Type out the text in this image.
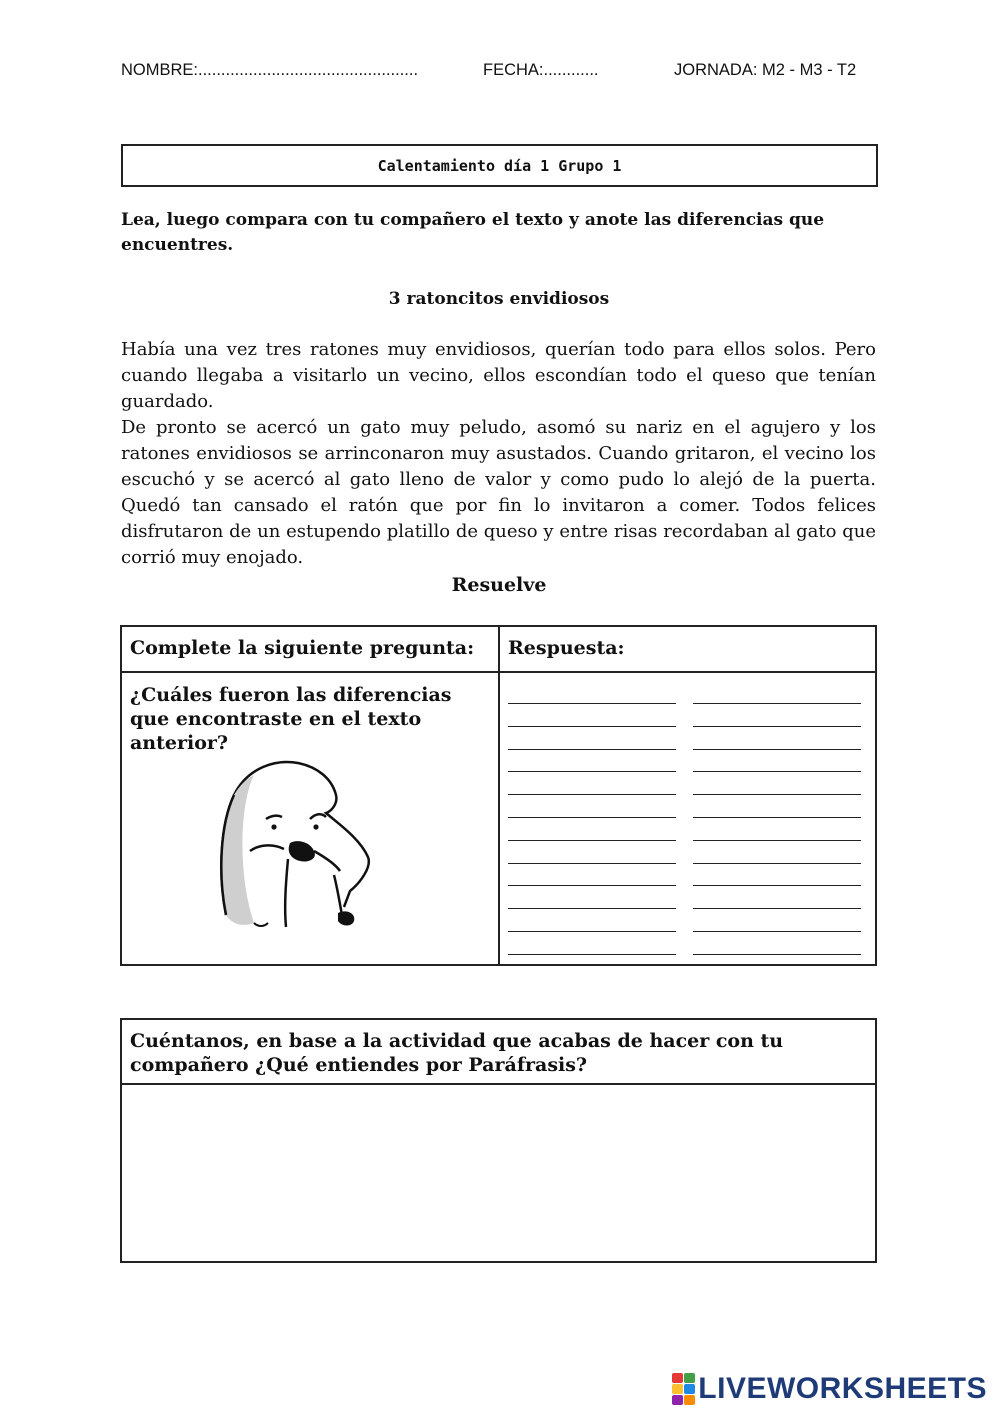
NOMBRE:................................................	FECHA:............	JORNADA: M2 - M3 - T2
Calentamiento día 1 Grupo 1
Lea, luego compara con tu compañero el texto y anote las diferencias que encuentres.
3 ratoncitos envidiosos

Había una vez tres ratones muy envidiosos, querían todo para ellos solos. Pero cuando llegaba a visitarlo un vecino, ellos escondían todo el queso que tenían guardado.

De pronto se acercó un gato muy peludo, asomó su nariz en el agujero y los ratones envidiosos se arrinconaron muy asustados. Cuando gritaron, el vecino los escuchó y se acercó al gato lleno de valor y como pudo lo alejó de la puerta. Quedó tan cansado el ratón que por fin lo invitaron a comer. Todos felices disfrutaron de un estupendo platillo de queso y entre risas recordaban al gato que corrió muy enojado.

Resuelve
Complete la siguiente pregunta: Respuesta:
¿Cuáles fueron las diferencias que encontraste en el texto anterior?
Cuéntanos, en base a la actividad que acabas de hacer con tu compañero ¿Qué entiendes por Paráfrasis?
LIVEWORKSHEETS
